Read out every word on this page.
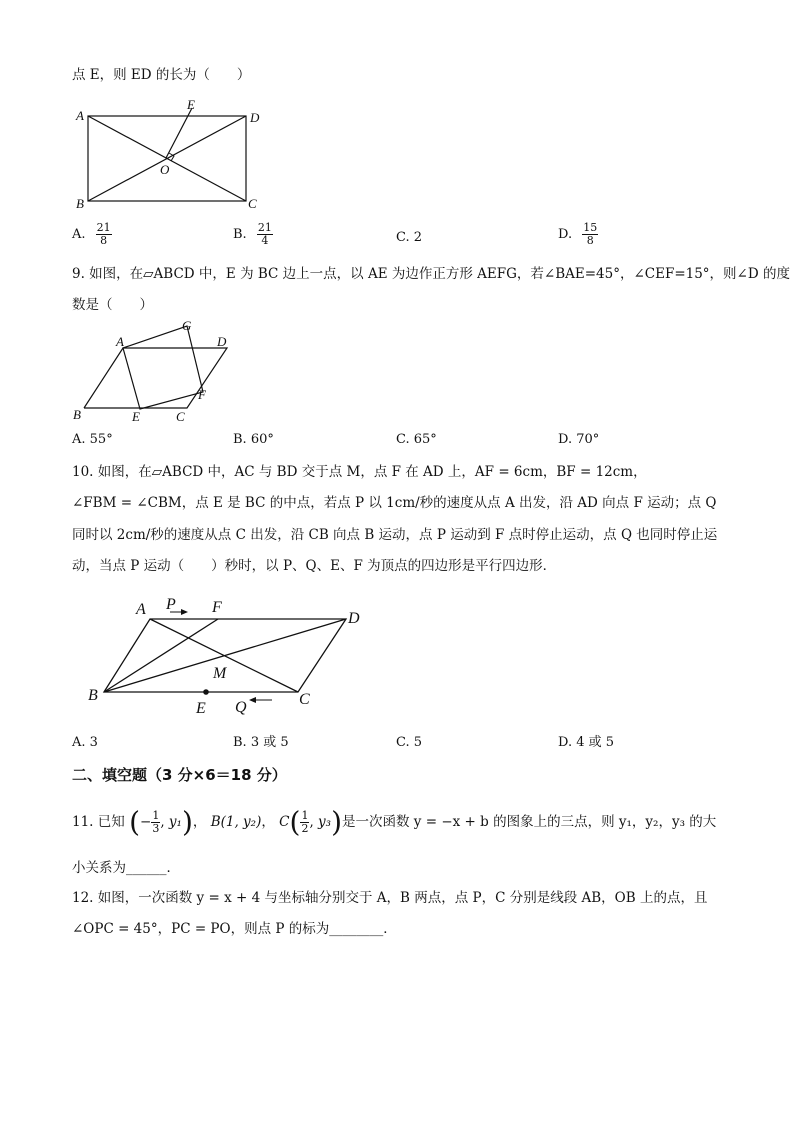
点 E，则 ED 的长为（　　）
A	D
B	C
E
O
A. $\frac{21}{8}$	B. $\frac{21}{4}$	C. 2	D. $\frac{15}{8}$
9. 如图，在▱ABCD 中，E 为 BC 边上一点，以 AE 为边作正方形 AEFG，若∠BAE=45°，∠CEF=15°，则∠D 的度
数是（　　）
B
A
G
D
F
E	C
A. 55°	B. 60°	C. 65°	D. 70°
10. 如图，在▱ABCD 中，AC 与 BD 交于点 M，点 F 在 AD 上，AF = 6cm，BF = 12cm，
∠FBM = ∠CBM，点 E 是 BC 的中点，若点 P 以 1cm/秒的速度从点 A 出发，沿 AD 向点 F 运动；点 Q
同时以 2cm/秒的速度从点 C 出发，沿 CB 向点 B 运动，点 P 运动到 F 点时停止运动，点 Q 也同时停止运
动，当点 P 运动（　　）秒时，以 P、Q、E、F 为顶点的四边形是平行四边形．
A P F
D
M
B	C
E Q
A. 3	B. 3 或 5	C. 5	D. 4 或 5
二、填空题（3 分×6＝18 分）
11. 已知 (− $\frac{1}{3}$ , y₁)， B(1, y₂)， $C( \frac{1}{2}$ , y₃)是一次函数 y = −x + b 的图象上的三点，则 y₁，y₂，y₃ 的大
小关系为______．
12. 如图，一次函数 y = x + 4 与坐标轴分别交于 A，B 两点，点 P，C 分别是线段 AB，OB 上的点，且
∠OPC = 45°，PC = PO，则点 P 的标为________．
